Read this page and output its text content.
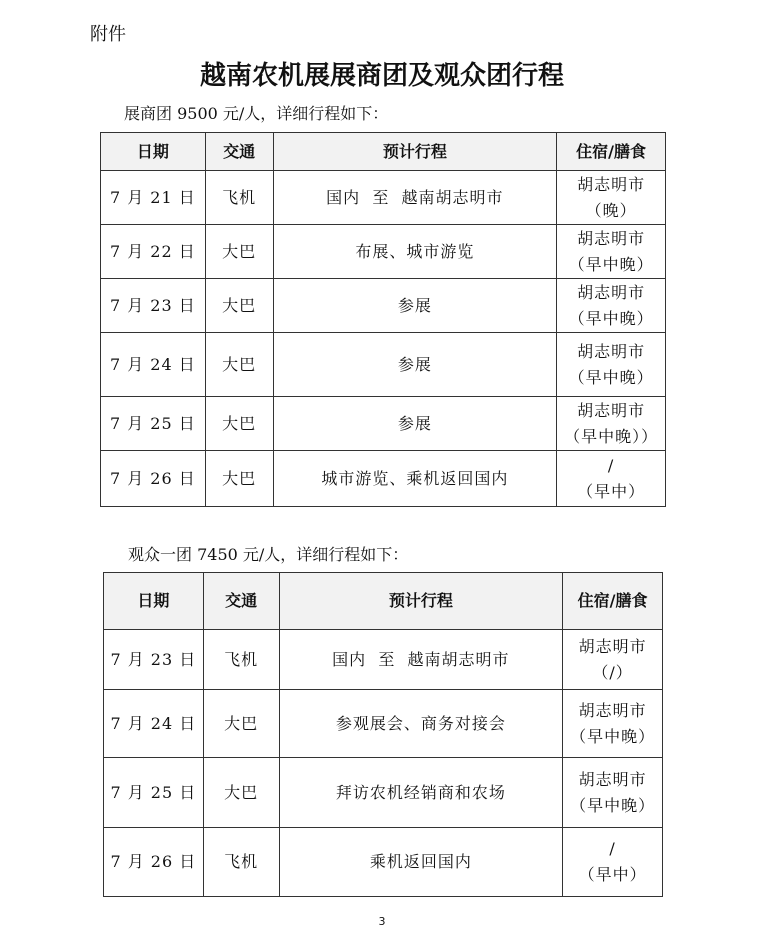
附件
越南农机展展商团及观众团行程
展商团 9500 元/人，详细行程如下：
日期	交通	预计行程	住宿/膳食

7 月 21 日	飞机	国内  至  越南胡志明市	胡志明市
（晚）

7 月 22 日	大巴	布展、城市游览	胡志明市
（早中晚）

7 月 23 日	大巴	参展	胡志明市
（早中晚）

7 月 24 日	大巴	参展	胡志明市
（早中晚）

7 月 25 日	大巴	参展	胡志明市
（早中晚））

7 月 26 日	大巴	城市游览、乘机返回国内	/
（早中）
观众一团 7450 元/人，详细行程如下：
日期	交通	预计行程	住宿/膳食

7 月 23 日	飞机	国内  至  越南胡志明市	胡志明市
（/）

7 月 24 日	大巴	参观展会、商务对接会	胡志明市
（早中晚）

7 月 25 日	大巴	拜访农机经销商和农场	胡志明市
（早中晚）

7 月 26 日	飞机	乘机返回国内	/
（早中）
3
